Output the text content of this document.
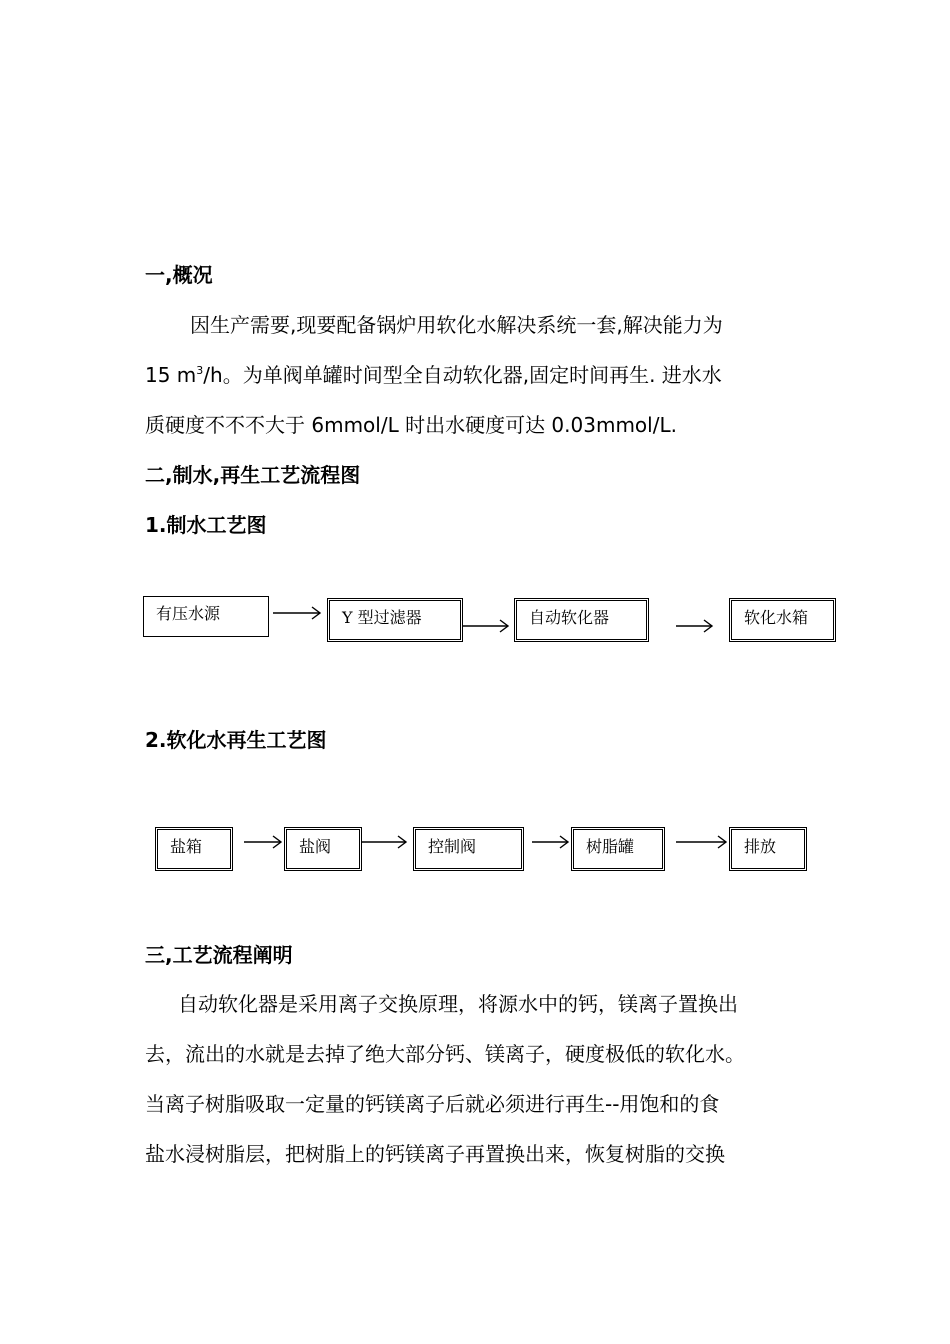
一,概况
因生产需要,现要配备锅炉用软化水解决系统一套,解决能力为
15 $m^3/h$。为单阀单罐时间型全自动软化器,固定时间再生. 进水水
质硬度不不不大于 6mmol/L 时出水硬度可达 0.03mmol/L.
二,制水,再生工艺流程图
1.制水工艺图
有压水源	Y 型过滤器	自动软化器	软化水箱
2.软化水再生工艺图
盐箱	盐阀	控制阀	树脂罐	排放
三,工艺流程阐明
自动软化器是采用离子交换原理，将源水中的钙，镁离子置换出
去，流出的水就是去掉了绝大部分钙、镁离子，硬度极低的软化水。
当离子树脂吸取一定量的钙镁离子后就必须进行再生--用饱和的食
盐水浸树脂层，把树脂上的钙镁离子再置换出来，恢复树脂的交换
